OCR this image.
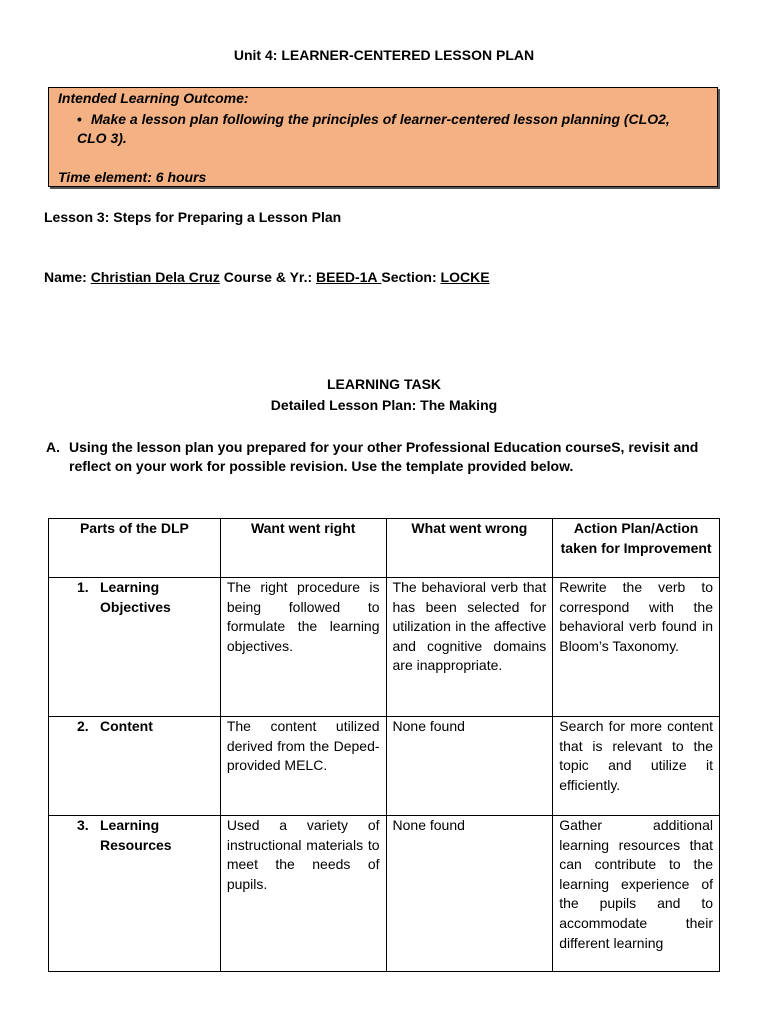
Unit 4: LEARNER-CENTERED LESSON PLAN
Intended Learning Outcome:
• Make a lesson plan following the principles of learner-centered lesson planning (CLO2, CLO 3).
Time element: 6 hours
Lesson 3: Steps for Preparing a Lesson Plan
Name: Christian Dela Cruz Course & Yr.: BEED-1A Section: LOCKE
LEARNING TASK
Detailed Lesson Plan: The Making
A. Using the lesson plan you prepared for your other Professional Education courseS, revisit and reflect on your work for possible revision. Use the template provided below.
Parts of the DLP	Want went right	What went wrong	Action Plan/Action taken for Improvement

1. Learning Objectives	The right procedure is being followed to formulate the learning objectives.	The behavioral verb that has been selected for utilization in the affective and cognitive domains are inappropriate.	Rewrite the verb to correspond with the behavioral verb found in Bloom’s Taxonomy.

2. Content	The content utilized derived from the Deped-provided MELC.	None found	Search for more content that is relevant to the topic and utilize it efficiently.

3. Learning Resources	Used a variety of instructional materials to meet the needs of pupils.	None found	Gather additional learning resources that can contribute to the learning experience of the pupils and to accommodate their different learning
